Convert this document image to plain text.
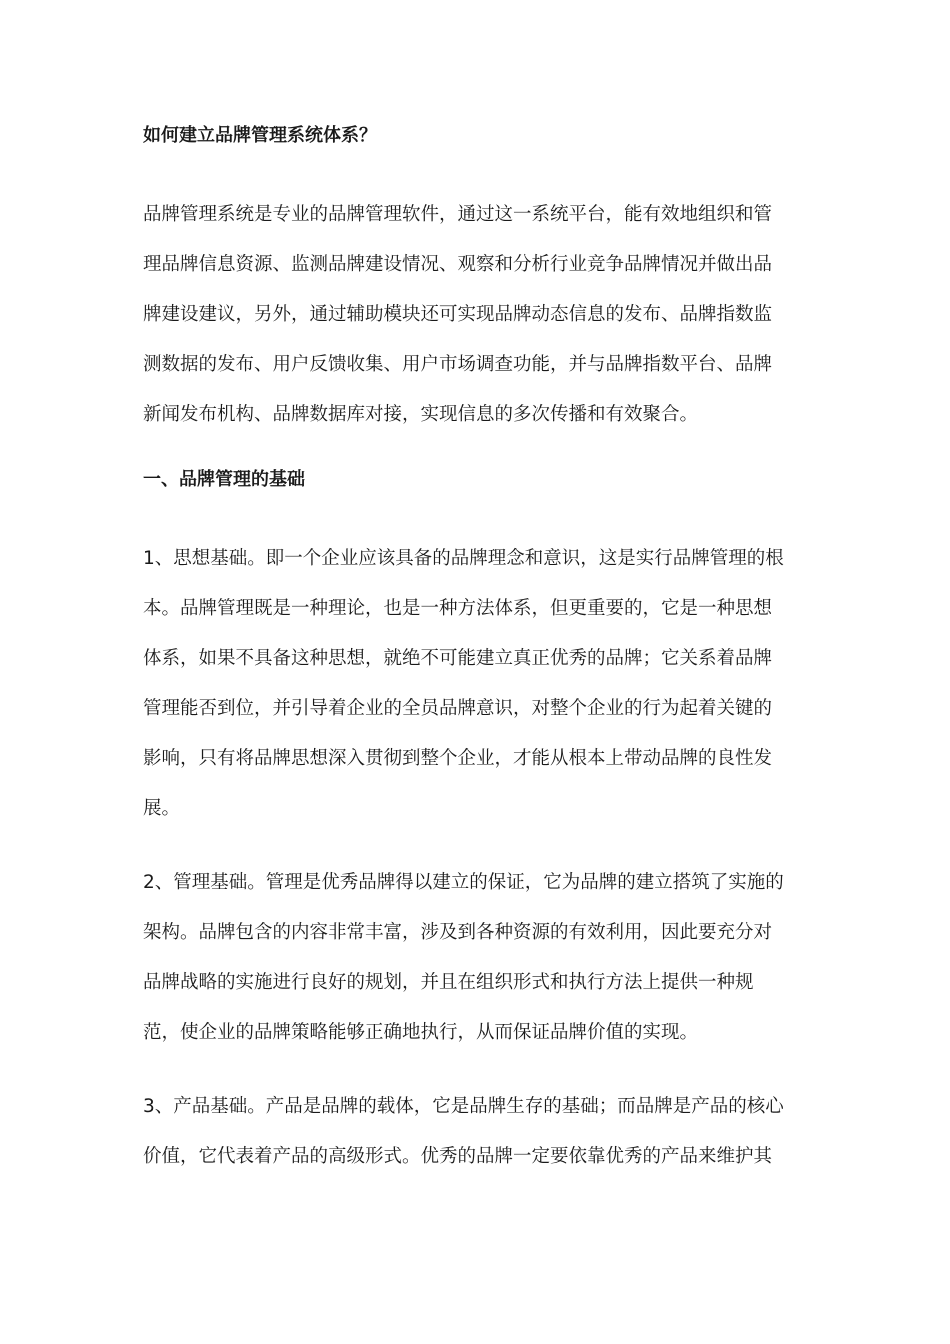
如何建立品牌管理系统体系？

品牌管理系统是专业的品牌管理软件，通过这一系统平台，能有效地组织和管
理品牌信息资源、监测品牌建设情况、观察和分析行业竞争品牌情况并做出品
牌建设建议，另外，通过辅助模块还可实现品牌动态信息的发布、品牌指数监
测数据的发布、用户反馈收集、用户市场调查功能，并与品牌指数平台、品牌
新闻发布机构、品牌数据库对接，实现信息的多次传播和有效聚合。

一、品牌管理的基础

1、思想基础。即一个企业应该具备的品牌理念和意识，这是实行品牌管理的根
本。品牌管理既是一种理论，也是一种方法体系，但更重要的，它是一种思想
体系，如果不具备这种思想，就绝不可能建立真正优秀的品牌；它关系着品牌
管理能否到位，并引导着企业的全员品牌意识，对整个企业的行为起着关键的
影响，只有将品牌思想深入贯彻到整个企业，才能从根本上带动品牌的良性发
展。

2、管理基础。管理是优秀品牌得以建立的保证，它为品牌的建立搭筑了实施的
架构。品牌包含的内容非常丰富，涉及到各种资源的有效利用，因此要充分对
品牌战略的实施进行良好的规划，并且在组织形式和执行方法上提供一种规
范，使企业的品牌策略能够正确地执行，从而保证品牌价值的实现。

3、产品基础。产品是品牌的载体，它是品牌生存的基础；而品牌是产品的核心
价值，它代表着产品的高级形式。优秀的品牌一定要依靠优秀的产品来维护其
